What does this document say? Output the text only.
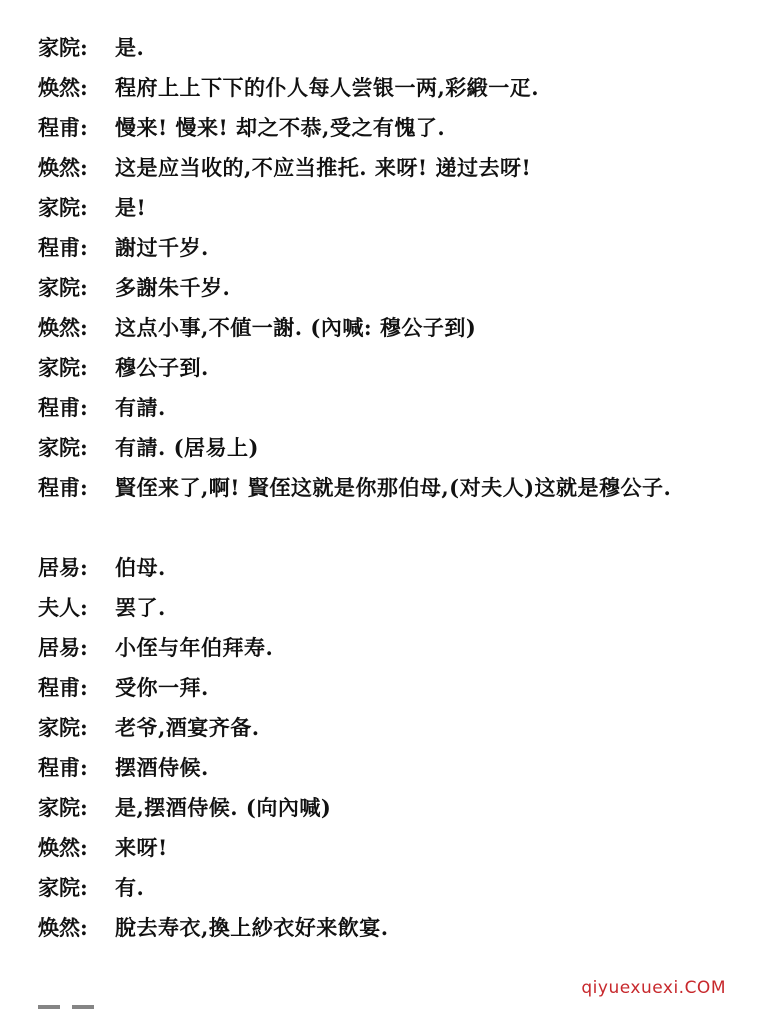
家院:	是.
焕然:	程府上上下下的仆人每人尝银一两,彩緞一疋.
程甫:	慢来! 慢来! 却之不恭,受之有愧了.
焕然:	这是应当收的,不应当推托. 来呀! 递过去呀!
家院:	是!
程甫:	謝过千岁.
家院:	多謝朱千岁.
焕然:	这点小事,不値一謝. (內喊: 穆公子到)
家院:	穆公子到.
程甫:	有請.
家院:	有請. (居易上)
程甫:	賢侄来了,啊! 賢侄这就是你那伯母,(对夫人)这就是穆公子.
居易:	伯母.
夫人:	罢了.
居易:	小侄与年伯拜寿.
程甫:	受你一拜.
家院:	老爷,酒宴齐备.
程甫:	摆酒侍候.
家院:	是,摆酒侍候. (向內喊)
焕然:	来呀!
家院:	有.
焕然:	脫去寿衣,換上紗衣好来飲宴.
qiyuexuexi.COM
